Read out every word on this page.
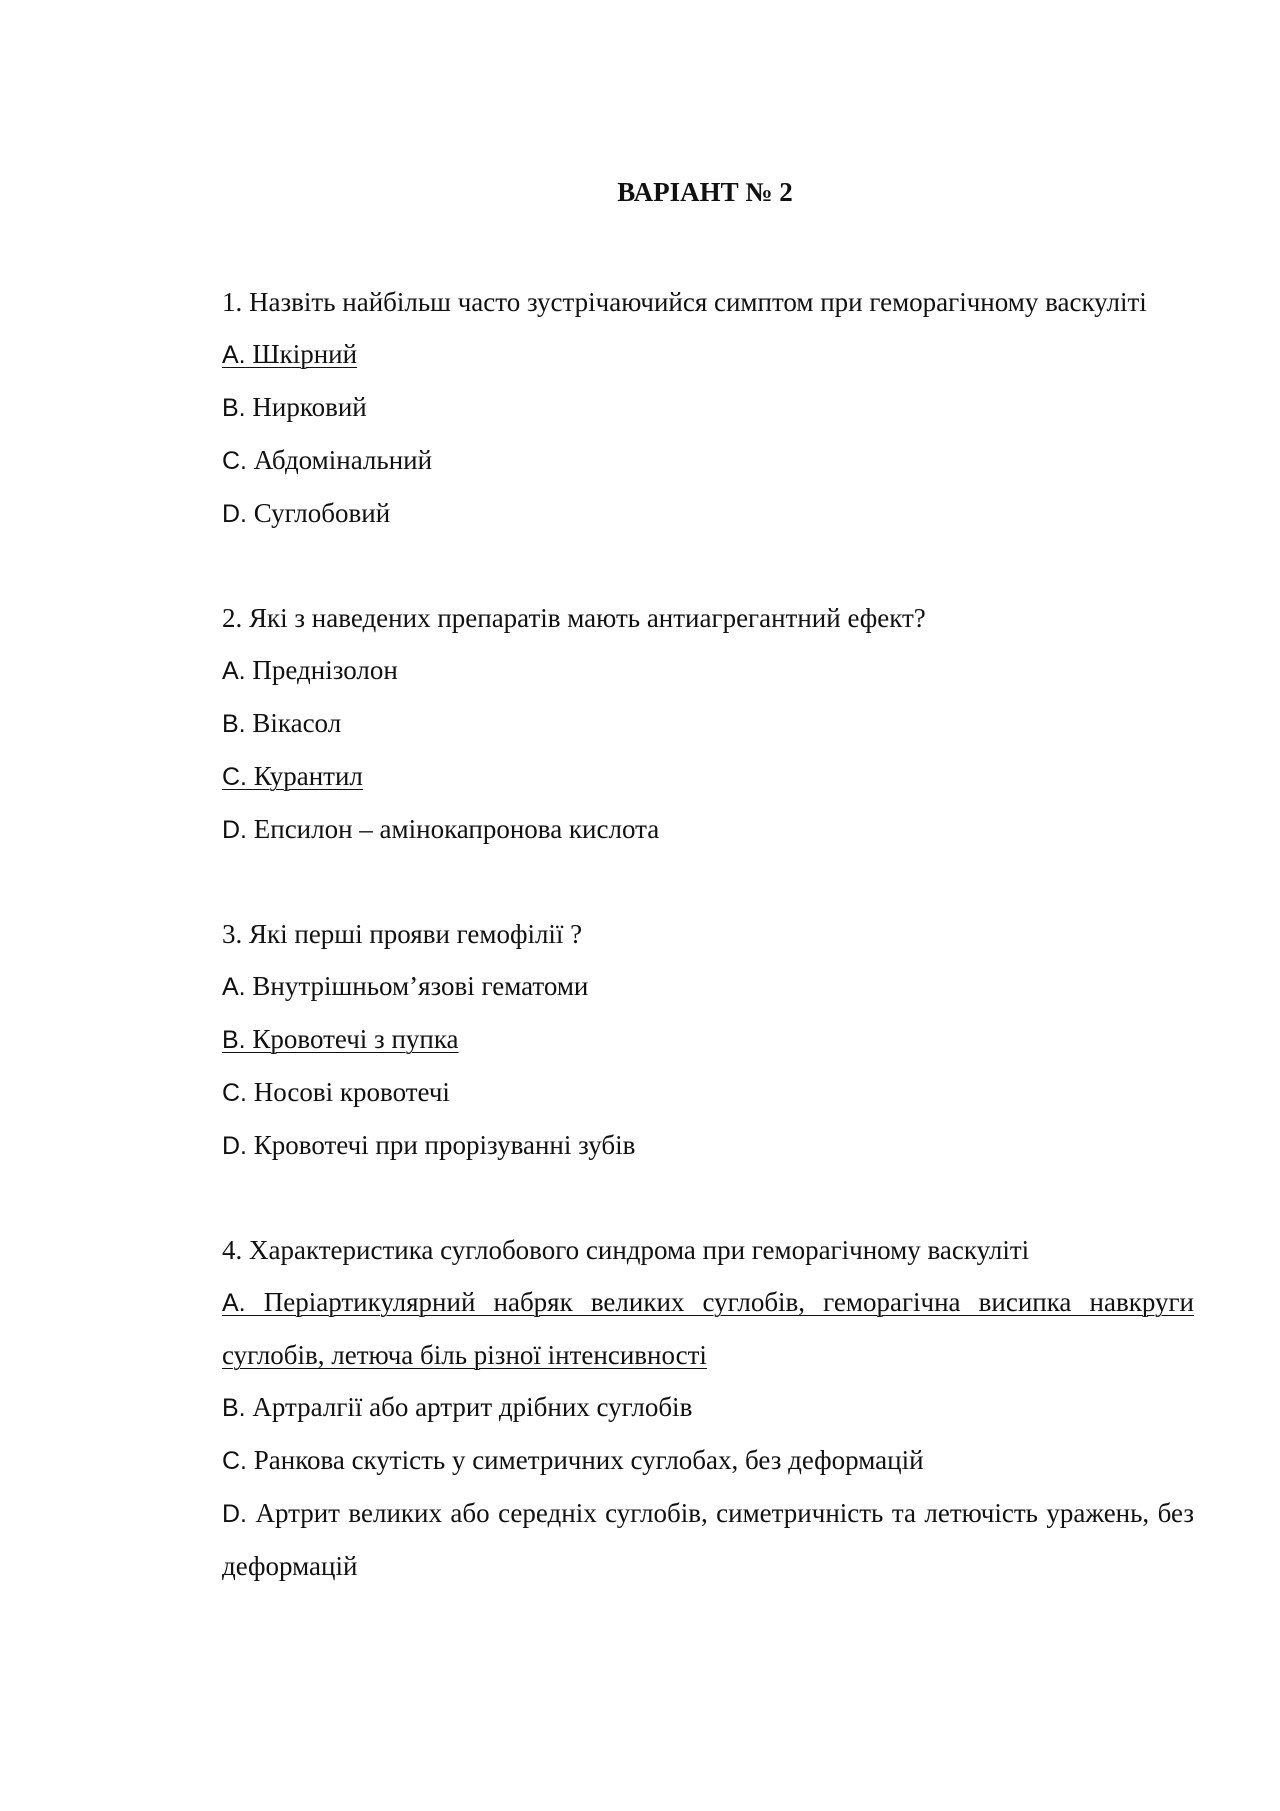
ВАРІАНТ № 2
1. Назвіть найбільш часто зустрічаючийся симптом при геморагічному васкуліті
A. Шкірний
B. Нирковий
C. Абдомінальний
D. Суглобовий
2. Які з наведених препаратів мають антиагрегантний ефект?
A. Преднізолон
B. Вікасол
C. Курантил
D. Епсилон – амінокапронова кислота
3. Які перші прояви гемофілії ?
A. Внутрішньом’язові гематоми
B. Кровотечі з пупка
C. Носові кровотечі
D. Кровотечі при прорізуванні зубів
4. Характеристика суглобового синдрома при геморагічному васкуліті
A. Періартикулярний набряк великих суглобів, геморагічна висипка навкруги суглобів, летюча біль різної інтенсивності
B. Артралгії або артрит дрібних суглобів
C. Ранкова скутість у симетричних суглобах, без деформацій
D. Артрит великих або середніх суглобів, симетричність та летючість уражень, без деформацій
